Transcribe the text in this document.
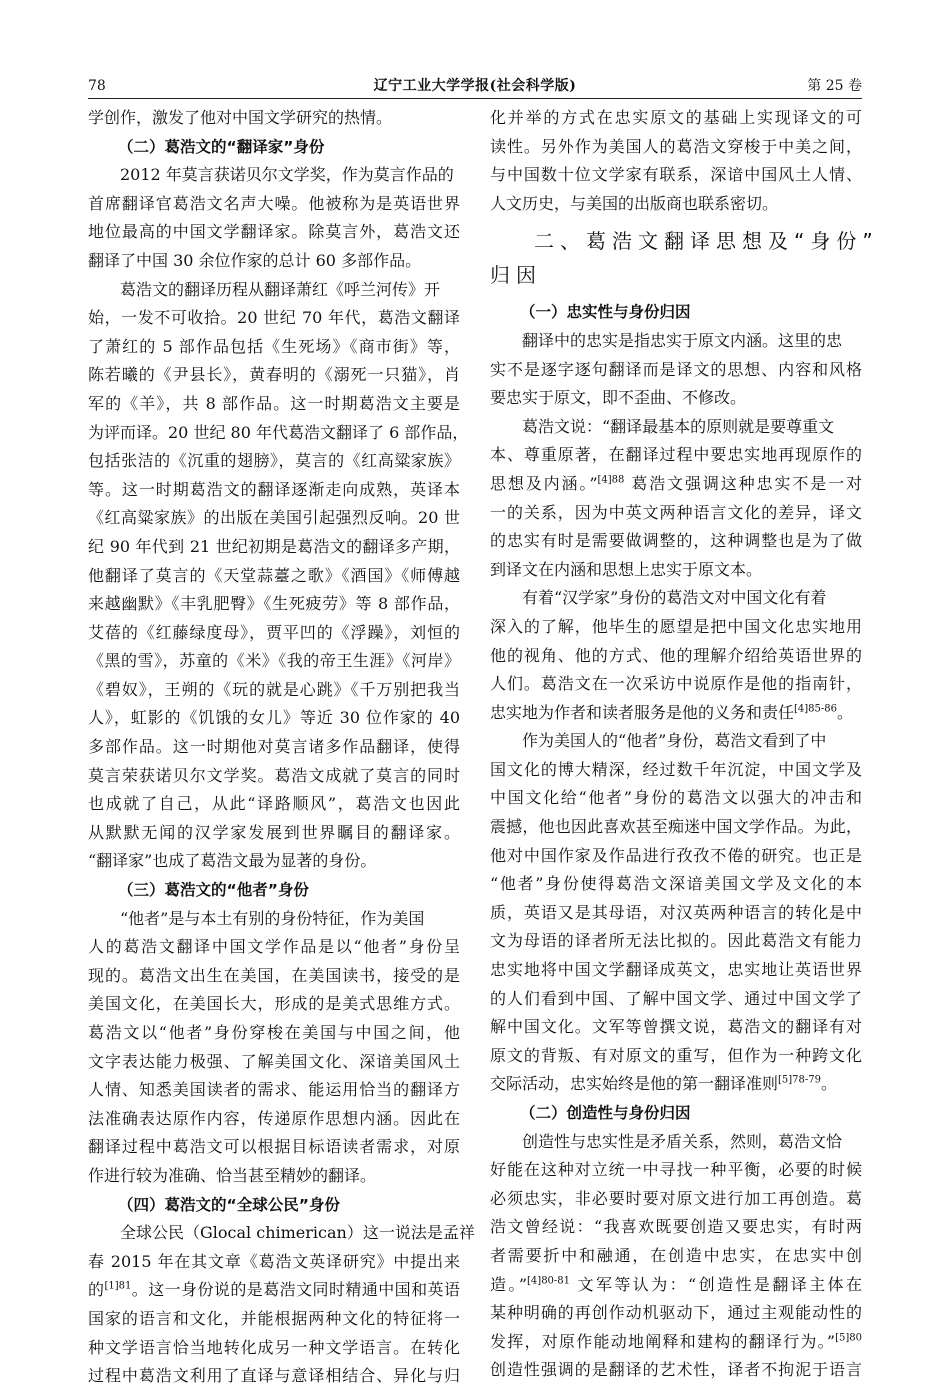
78	辽宁工业大学学报(社会科学版)	第 25 卷
学创作，激发了他对中国文学研究的热情。
（二）葛浩文的“翻译家”身份
2012 年莫言获诺贝尔文学奖，作为莫言作品的
首席翻译官葛浩文名声大噪。他被称为是英语世界
地位最高的中国文学翻译家。除莫言外，葛浩文还
翻译了中国 30 余位作家的总计 60 多部作品。
葛浩文的翻译历程从翻译萧红《呼兰河传》开
始，一发不可收拾。20 世纪 70 年代，葛浩文翻译
了萧红的 5 部作品包括《生死场》《商市街》等，
陈若曦的《尹县长》，黄春明的《溺死一只猫》，肖
军的《羊》，共 8 部作品。这一时期葛浩文主要是
为评而译。20 世纪 80 年代葛浩文翻译了 6 部作品，
包括张洁的《沉重的翅膀》，莫言的《红高粱家族》
等。这一时期葛浩文的翻译逐渐走向成熟，英译本
《红高粱家族》的出版在美国引起强烈反响。20 世
纪 90 年代到 21 世纪初期是葛浩文的翻译多产期，
他翻译了莫言的《天堂蒜薹之歌》《酒国》《师傅越
来越幽默》《丰乳肥臀》《生死疲劳》等 8 部作品，
艾蓓的《红藤绿度母》，贾平凹的《浮躁》，刘恒的
《黑的雪》，苏童的《米》《我的帝王生涯》《河岸》
《碧奴》，王朔的《玩的就是心跳》《千万别把我当
人》，虹影的《饥饿的女儿》等近 30 位作家的 40
多部作品。这一时期他对莫言诸多作品翻译，使得
莫言荣获诺贝尔文学奖。葛浩文成就了莫言的同时
也成就了自己，从此“译路顺风”，葛浩文也因此
从默默无闻的汉学家发展到世界瞩目的翻译家。
“翻译家”也成了葛浩文最为显著的身份。
（三）葛浩文的“他者”身份
“他者”是与本土有别的身份特征，作为美国
人的葛浩文翻译中国文学作品是以“他者”身份呈
现的。葛浩文出生在美国，在美国读书，接受的是
美国文化，在美国长大，形成的是美式思维方式。
葛浩文以“他者”身份穿梭在美国与中国之间，他
文字表达能力极强、了解美国文化、深谙美国风土
人情、知悉美国读者的需求、能运用恰当的翻译方
法准确表达原作内容，传递原作思想内涵。因此在
翻译过程中葛浩文可以根据目标语读者需求，对原
作进行较为准确、恰当甚至精妙的翻译。
（四）葛浩文的“全球公民”身份
全球公民（Glocal chimerican）这一说法是孟祥
春 2015 年在其文章《葛浩文英译研究》中提出来
的$^{[1]81}$。这一身份说的是葛浩文同时精通中国和英语
国家的语言和文化，并能根据两种文化的特征将一
种文学语言恰当地转化成另一种文学语言。在转化
过程中葛浩文利用了直译与意译相结合、异化与归
化并举的方式在忠实原文的基础上实现译文的可
读性。另外作为美国人的葛浩文穿梭于中美之间，
与中国数十位文学家有联系，深谙中国风土人情、
人文历史，与美国的出版商也联系密切。
二、葛浩文翻译思想及“身份”
归因
（一）忠实性与身份归因
翻译中的忠实是指忠实于原文内涵。这里的忠
实不是逐字逐句翻译而是译文的思想、内容和风格
要忠实于原文，即不歪曲、不修改。
葛浩文说：“翻译最基本的原则就是要尊重文
本、尊重原著，在翻译过程中要忠实地再现原作的
思想及内涵。”$^{[4]88}$ 葛浩文强调这种忠实不是一对
一的关系，因为中英文两种语言文化的差异，译文
的忠实有时是需要做调整的，这种调整也是为了做
到译文在内涵和思想上忠实于原文本。
有着“汉学家”身份的葛浩文对中国文化有着
深入的了解，他毕生的愿望是把中国文化忠实地用
他的视角、他的方式、他的理解介绍给英语世界的
人们。葛浩文在一次采访中说原作是他的指南针，
忠实地为作者和读者服务是他的义务和责任$^{[4]85-86}$。
作为美国人的“他者”身份，葛浩文看到了中
国文化的博大精深，经过数千年沉淀，中国文学及
中国文化给“他者”身份的葛浩文以强大的冲击和
震撼，他也因此喜欢甚至痴迷中国文学作品。为此，
他对中国作家及作品进行孜孜不倦的研究。也正是
“他者”身份使得葛浩文深谙美国文学及文化的本
质，英语又是其母语，对汉英两种语言的转化是中
文为母语的译者所无法比拟的。因此葛浩文有能力
忠实地将中国文学翻译成英文，忠实地让英语世界
的人们看到中国、了解中国文学、通过中国文学了
解中国文化。文军等曾撰文说，葛浩文的翻译有对
原文的背叛、有对原文的重写，但作为一种跨文化
交际活动，忠实始终是他的第一翻译准则$^{[5]78-79}$。
（二）创造性与身份归因
创造性与忠实性是矛盾关系，然则，葛浩文恰
好能在这种对立统一中寻找一种平衡，必要的时候
必须忠实，非必要时要对原文进行加工再创造。葛
浩文曾经说：“我喜欢既要创造又要忠实，有时两
者需要折中和融通，在创造中忠实，在忠实中创
造。”$^{[4]80-81}$ 文军等认为：“创造性是翻译主体在
某种明确的再创作动机驱动下，通过主观能动性的
发挥，对原作能动地阐释和建构的翻译行为。”$^{[5]80}$
创造性强调的是翻译的艺术性，译者不拘泥于语言
